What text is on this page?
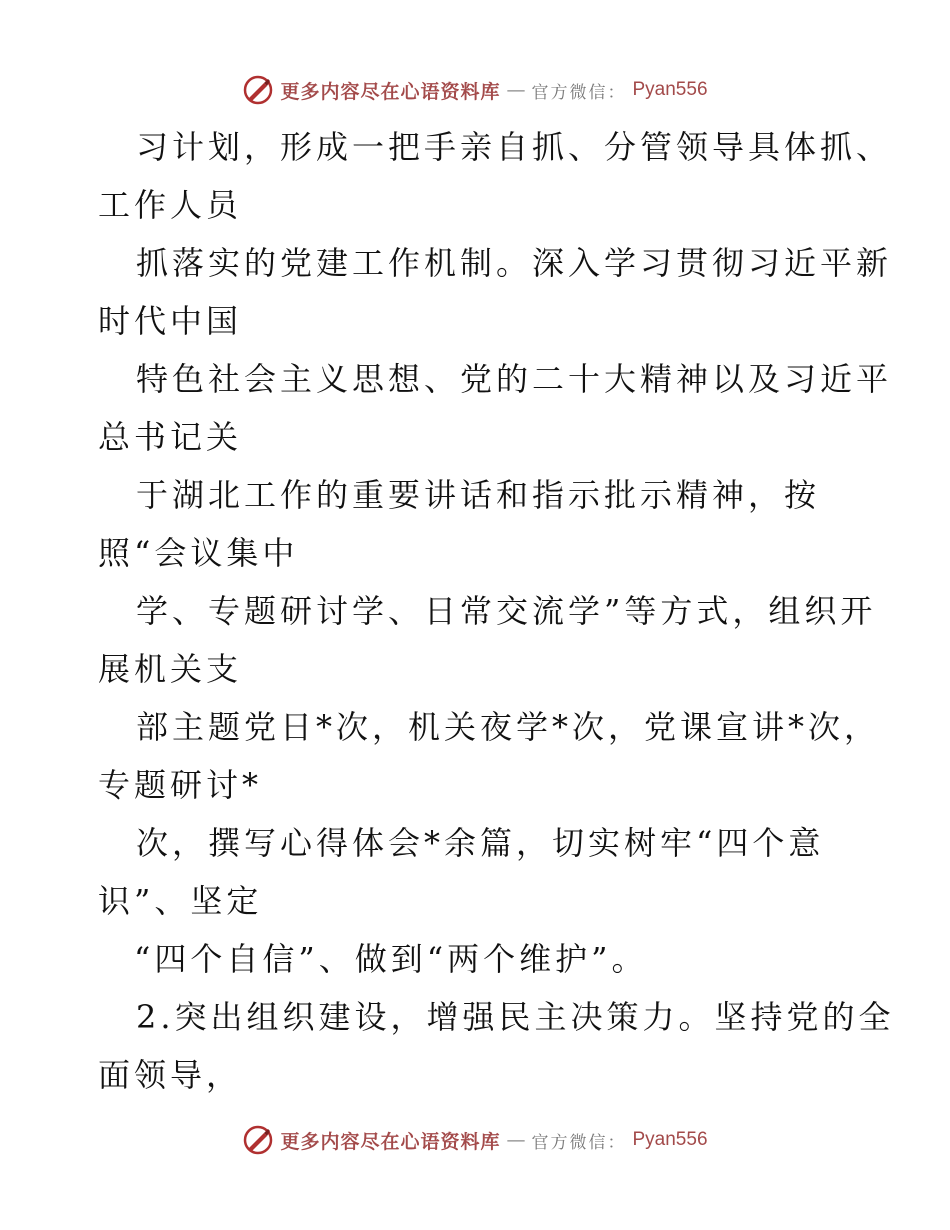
更多内容尽在心语资料库 — 官方微信： Pyan556

习计划，形成一把手亲自抓、分管领导具体抓、

工作人员

抓落实的党建工作机制。深入学习贯彻习近平新

时代中国

特色社会主义思想、党的二十大精神以及习近平

总书记关

于湖北工作的重要讲话和指示批示精神，按

照“会议集中

学、专题研讨学、日常交流学”等方式，组织开

展机关支

部主题党日*次，机关夜学*次，党课宣讲*次，

专题研讨*

次，撰写心得体会*余篇，切实树牢“四个意

识”、坚定

“四个自信”、做到“两个维护”。

2.突出组织建设，增强民主决策力。坚持党的全

面领导，

更多内容尽在心语资料库 — 官方微信： Pyan556
